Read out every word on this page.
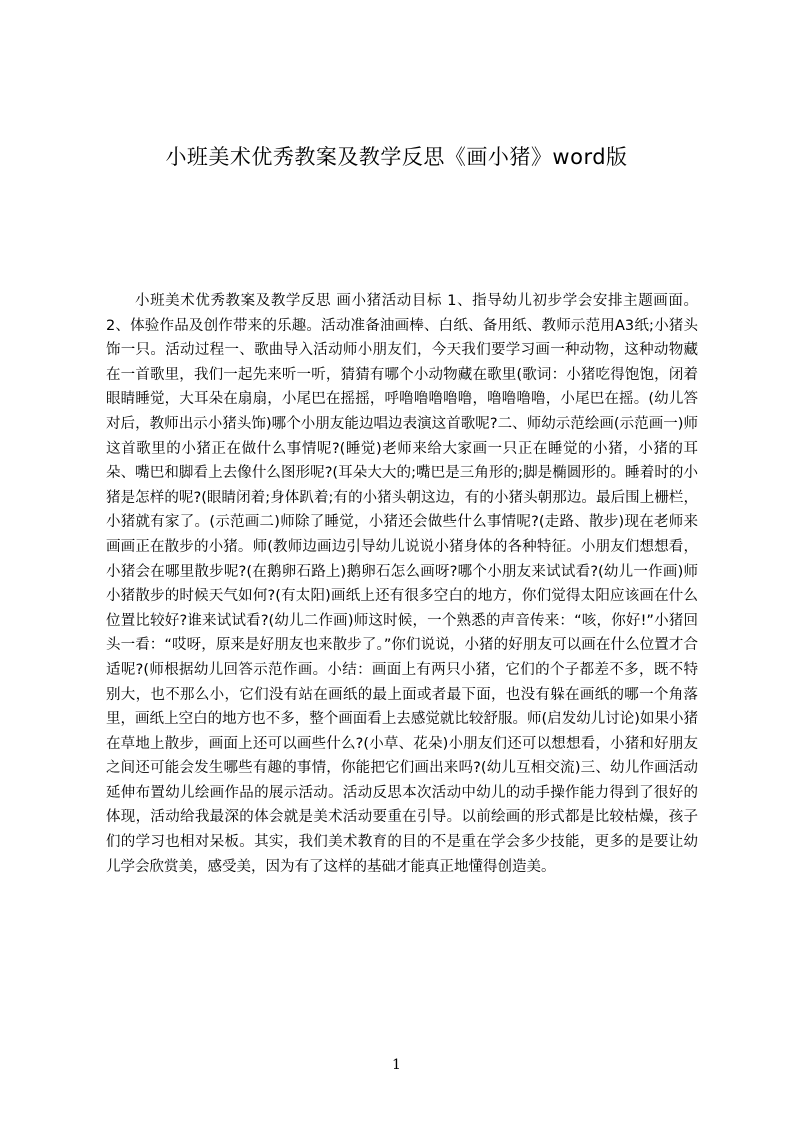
小班美术优秀教案及教学反思《画小猪》word版

小班美术优秀教案及教学反思 画小猪活动目标 1、指导幼儿初步学会安排主题画面。2、体验作品及创作带来的乐趣。活动准备油画棒、白纸、备用纸、教师示范用A3纸;小猪头饰一只。活动过程一、歌曲导入活动师小朋友们，今天我们要学习画一种动物，这种动物藏在一首歌里，我们一起先来听一听，猜猜有哪个小动物藏在歌里(歌词：小猪吃得饱饱，闭着眼睛睡觉，大耳朵在扇扇，小尾巴在摇摇，呼噜噜噜噜噜，噜噜噜噜，小尾巴在摇。(幼儿答对后，教师出示小猪头饰)哪个小朋友能边唱边表演这首歌呢?二、师幼示范绘画(示范画一)师这首歌里的小猪正在做什么事情呢?(睡觉)老师来给大家画一只正在睡觉的小猪，小猪的耳朵、嘴巴和脚看上去像什么图形呢?(耳朵大大的;嘴巴是三角形的;脚是椭圆形的。睡着时的小猪是怎样的呢?(眼睛闭着;身体趴着;有的小猪头朝这边，有的小猪头朝那边。最后围上栅栏，小猪就有家了。(示范画二)师除了睡觉，小猪还会做些什么事情呢?(走路、散步)现在老师来画画正在散步的小猪。师(教师边画边引导幼儿说说小猪身体的各种特征。小朋友们想想看，小猪会在哪里散步呢?(在鹅卵石路上)鹅卵石怎么画呀?哪个小朋友来试试看?(幼儿一作画)师小猪散步的时候天气如何?(有太阳)画纸上还有很多空白的地方，你们觉得太阳应该画在什么位置比较好?谁来试试看?(幼儿二作画)师这时候，一个熟悉的声音传来：“咳，你好!”小猪回头一看：“哎呀，原来是好朋友也来散步了。”你们说说，小猪的好朋友可以画在什么位置才合适呢?(师根据幼儿回答示范作画。小结：画面上有两只小猪，它们的个子都差不多，既不特别大，也不那么小，它们没有站在画纸的最上面或者最下面，也没有躲在画纸的哪一个角落里，画纸上空白的地方也不多，整个画面看上去感觉就比较舒服。师(启发幼儿讨论)如果小猪在草地上散步，画面上还可以画些什么?(小草、花朵)小朋友们还可以想想看，小猪和好朋友之间还可能会发生哪些有趣的事情，你能把它们画出来吗?(幼儿互相交流)三、幼儿作画活动延伸布置幼儿绘画作品的展示活动。活动反思本次活动中幼儿的动手操作能力得到了很好的体现，活动给我最深的体会就是美术活动要重在引导。以前绘画的形式都是比较枯燥，孩子们的学习也相对呆板。其实，我们美术教育的目的不是重在学会多少技能，更多的是要让幼儿学会欣赏美，感受美，因为有了这样的基础才能真正地懂得创造美。

1
